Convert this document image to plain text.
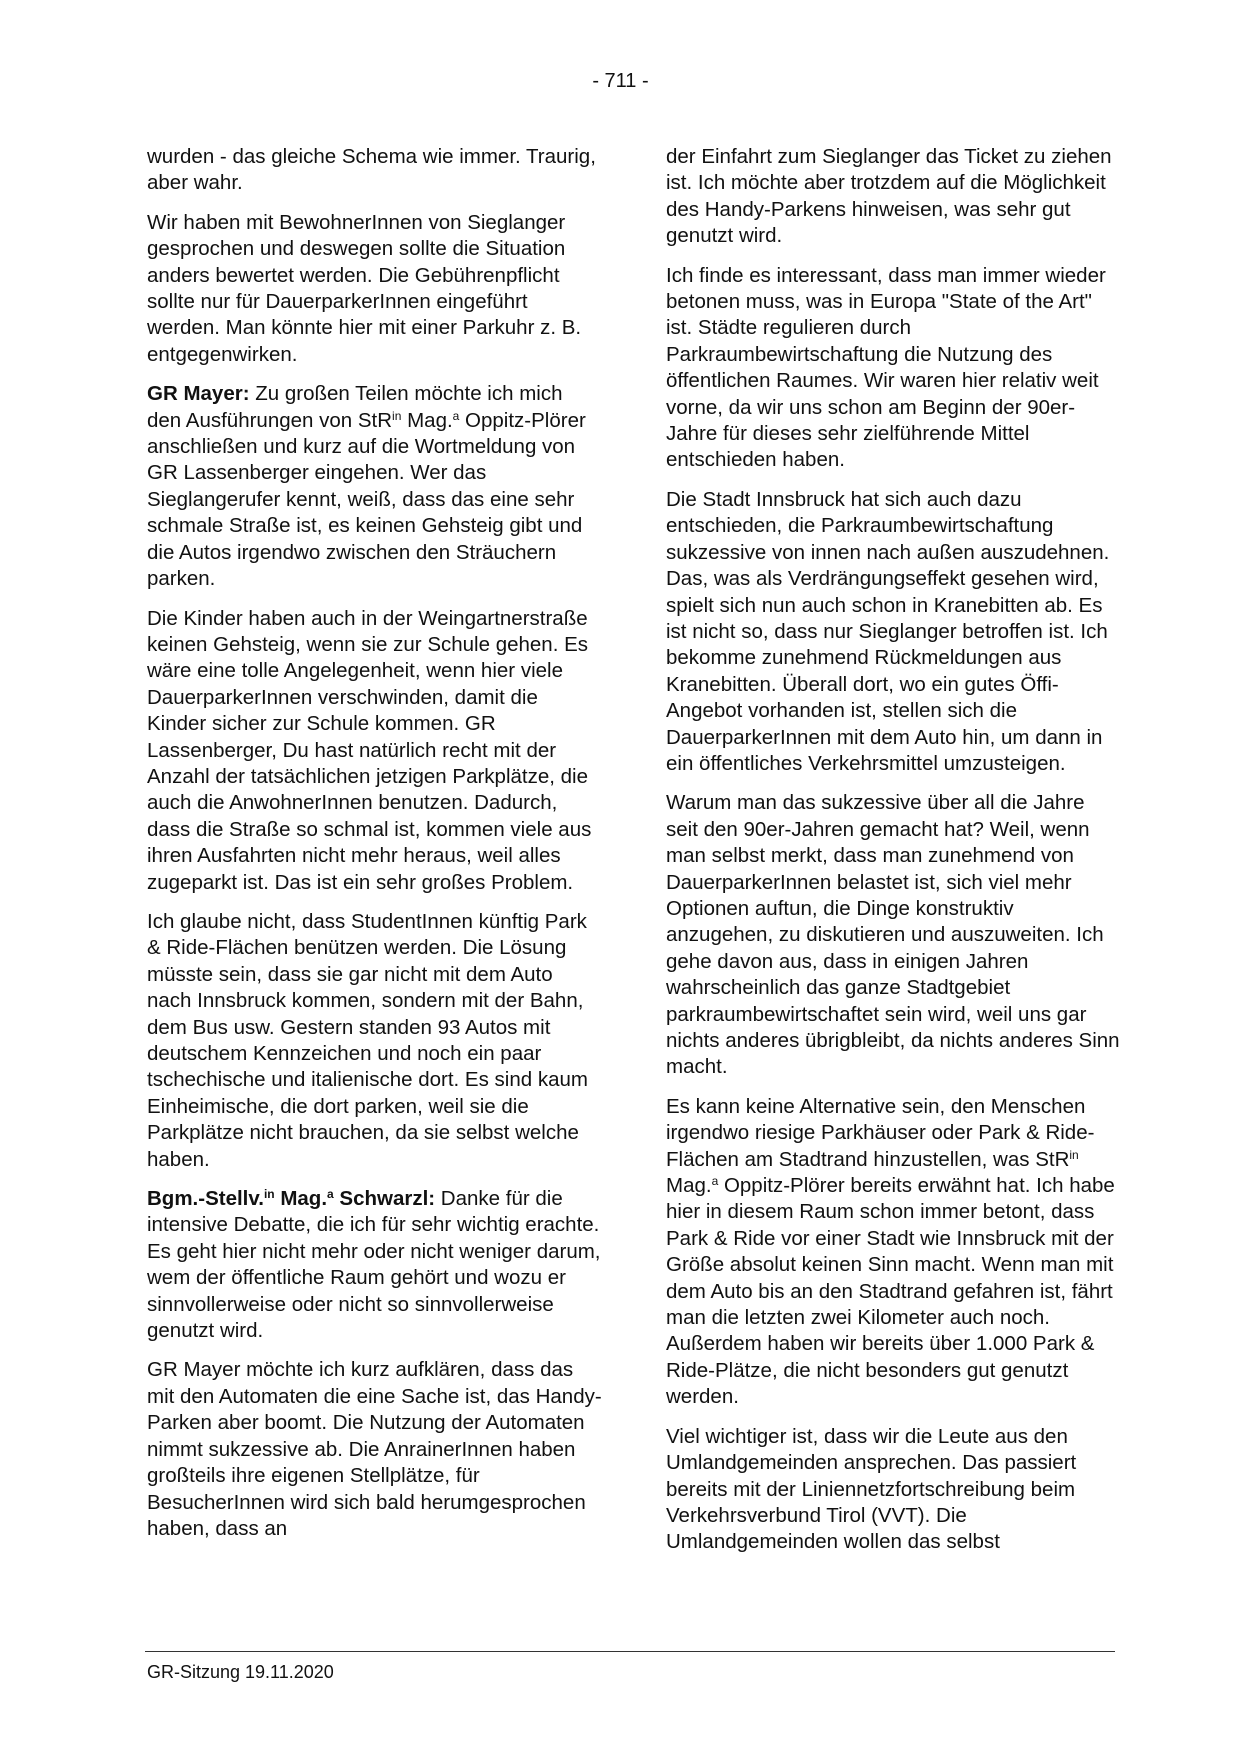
- 711 -

wurden - das gleiche Schema wie immer. Traurig, aber wahr.

Wir haben mit BewohnerInnen von Sieglanger gesprochen und deswegen sollte die Situation anders bewertet werden. Die Gebührenpflicht sollte nur für DauerparkerInnen eingeführt werden. Man könnte hier mit einer Parkuhr z. B. entgegenwirken.

GR Mayer: Zu großen Teilen möchte ich mich den Ausführungen von StR$^{in}$ Mag.$^a$ Oppitz-Plörer anschließen und kurz auf die Wortmeldung von GR Lassenberger eingehen. Wer das Sieglangerufer kennt, weiß, dass das eine sehr schmale Straße ist, es keinen Gehsteig gibt und die Autos irgendwo zwischen den Sträuchern parken.

Die Kinder haben auch in der Weingartnerstraße keinen Gehsteig, wenn sie zur Schule gehen. Es wäre eine tolle Angelegenheit, wenn hier viele DauerparkerInnen verschwinden, damit die Kinder sicher zur Schule kommen. GR Lassenberger, Du hast natürlich recht mit der Anzahl der tatsächlichen jetzigen Parkplätze, die auch die AnwohnerInnen benutzen. Dadurch, dass die Straße so schmal ist, kommen viele aus ihren Ausfahrten nicht mehr heraus, weil alles zugeparkt ist. Das ist ein sehr großes Problem.

Ich glaube nicht, dass StudentInnen künftig Park & Ride-Flächen benützen werden. Die Lösung müsste sein, dass sie gar nicht mit dem Auto nach Innsbruck kommen, sondern mit der Bahn, dem Bus usw. Gestern standen 93 Autos mit deutschem Kennzeichen und noch ein paar tschechische und italienische dort. Es sind kaum Einheimische, die dort parken, weil sie die Parkplätze nicht brauchen, da sie selbst welche haben.

Bgm.-Stellv.$^{in}$ Mag.$^a$ Schwarzl: Danke für die intensive Debatte, die ich für sehr wichtig erachte. Es geht hier nicht mehr oder nicht weniger darum, wem der öffentliche Raum gehört und wozu er sinnvollerweise oder nicht so sinnvollerweise genutzt wird.

GR Mayer möchte ich kurz aufklären, dass das mit den Automaten die eine Sache ist, das Handy-Parken aber boomt. Die Nutzung der Automaten nimmt sukzessive ab. Die AnrainerInnen haben großteils ihre eigenen Stellplätze, für BesucherInnen wird sich bald herumgesprochen haben, dass an

der Einfahrt zum Sieglanger das Ticket zu ziehen ist. Ich möchte aber trotzdem auf die Möglichkeit des Handy-Parkens hinweisen, was sehr gut genutzt wird.

Ich finde es interessant, dass man immer wieder betonen muss, was in Europa "State of the Art" ist. Städte regulieren durch Parkraumbewirtschaftung die Nutzung des öffentlichen Raumes. Wir waren hier relativ weit vorne, da wir uns schon am Beginn der 90er-Jahre für dieses sehr zielführende Mittel entschieden haben.

Die Stadt Innsbruck hat sich auch dazu entschieden, die Parkraumbewirtschaftung sukzessive von innen nach außen auszudehnen. Das, was als Verdrängungseffekt gesehen wird, spielt sich nun auch schon in Kranebitten ab. Es ist nicht so, dass nur Sieglanger betroffen ist. Ich bekomme zunehmend Rückmeldungen aus Kranebitten. Überall dort, wo ein gutes Öffi-Angebot vorhanden ist, stellen sich die DauerparkerInnen mit dem Auto hin, um dann in ein öffentliches Verkehrsmittel umzusteigen.

Warum man das sukzessive über all die Jahre seit den 90er-Jahren gemacht hat? Weil, wenn man selbst merkt, dass man zunehmend von DauerparkerInnen belastet ist, sich viel mehr Optionen auftun, die Dinge konstruktiv anzugehen, zu diskutieren und auszuweiten. Ich gehe davon aus, dass in einigen Jahren wahrscheinlich das ganze Stadtgebiet parkraumbewirtschaftet sein wird, weil uns gar nichts anderes übrigbleibt, da nichts anderes Sinn macht.

Es kann keine Alternative sein, den Menschen irgendwo riesige Parkhäuser oder Park & Ride-Flächen am Stadtrand hinzustellen, was StR$^{in}$ Mag.$^a$ Oppitz-Plörer bereits erwähnt hat. Ich habe hier in diesem Raum schon immer betont, dass Park & Ride vor einer Stadt wie Innsbruck mit der Größe absolut keinen Sinn macht. Wenn man mit dem Auto bis an den Stadtrand gefahren ist, fährt man die letzten zwei Kilometer auch noch. Außerdem haben wir bereits über 1.000 Park & Ride-Plätze, die nicht besonders gut genutzt werden.

Viel wichtiger ist, dass wir die Leute aus den Umlandgemeinden ansprechen. Das passiert bereits mit der Liniennetzfortschreibung beim Verkehrsverbund Tirol (VVT). Die Umlandgemeinden wollen das selbst

GR-Sitzung 19.11.2020
